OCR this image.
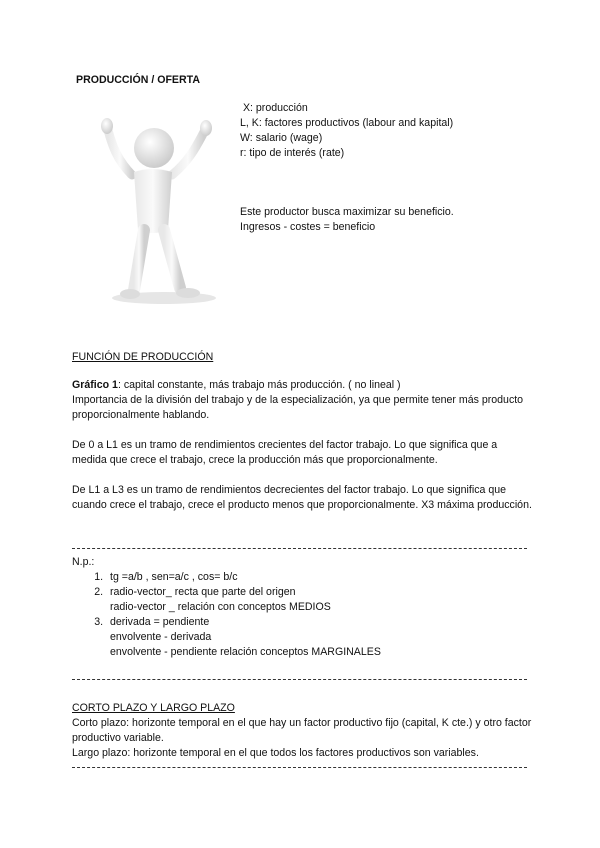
PRODUCCIÓN / OFERTA
X: producción
L, K: factores productivos (labour and kapital)
W: salario (wage)
r: tipo de interés (rate)
Este productor busca maximizar su beneficio.
Ingresos - costes = beneficio
FUNCIÓN DE PRODUCCIÓN
Gráfico 1: capital constante, más trabajo más producción. ( no lineal )
Importancia de la división del trabajo y de la especialización, ya que permite tener más producto proporcionalmente hablando.
De 0 a L1 es un tramo de rendimientos crecientes del factor trabajo. Lo que significa que a medida que crece el trabajo, crece la producción más que proporcionalmente.
De L1 a L3 es un tramo de rendimientos decrecientes del factor trabajo. Lo que significa que cuando crece el trabajo, crece el producto menos que proporcionalmente. X3 máxima producción.
N.p.:
1. tg =a/b , sen=a/c , cos= b/c
2. radio-vector_ recta que parte del origen
radio-vector _ relación con conceptos MEDIOS
3. derivada = pendiente
envolvente - derivada
envolvente - pendiente relación conceptos MARGINALES
CORTO PLAZO Y LARGO PLAZO
Corto plazo: horizonte temporal en el que hay un factor productivo fijo (capital, K cte.) y otro factor productivo variable.
Largo plazo: horizonte temporal en el que todos los factores productivos son variables.
